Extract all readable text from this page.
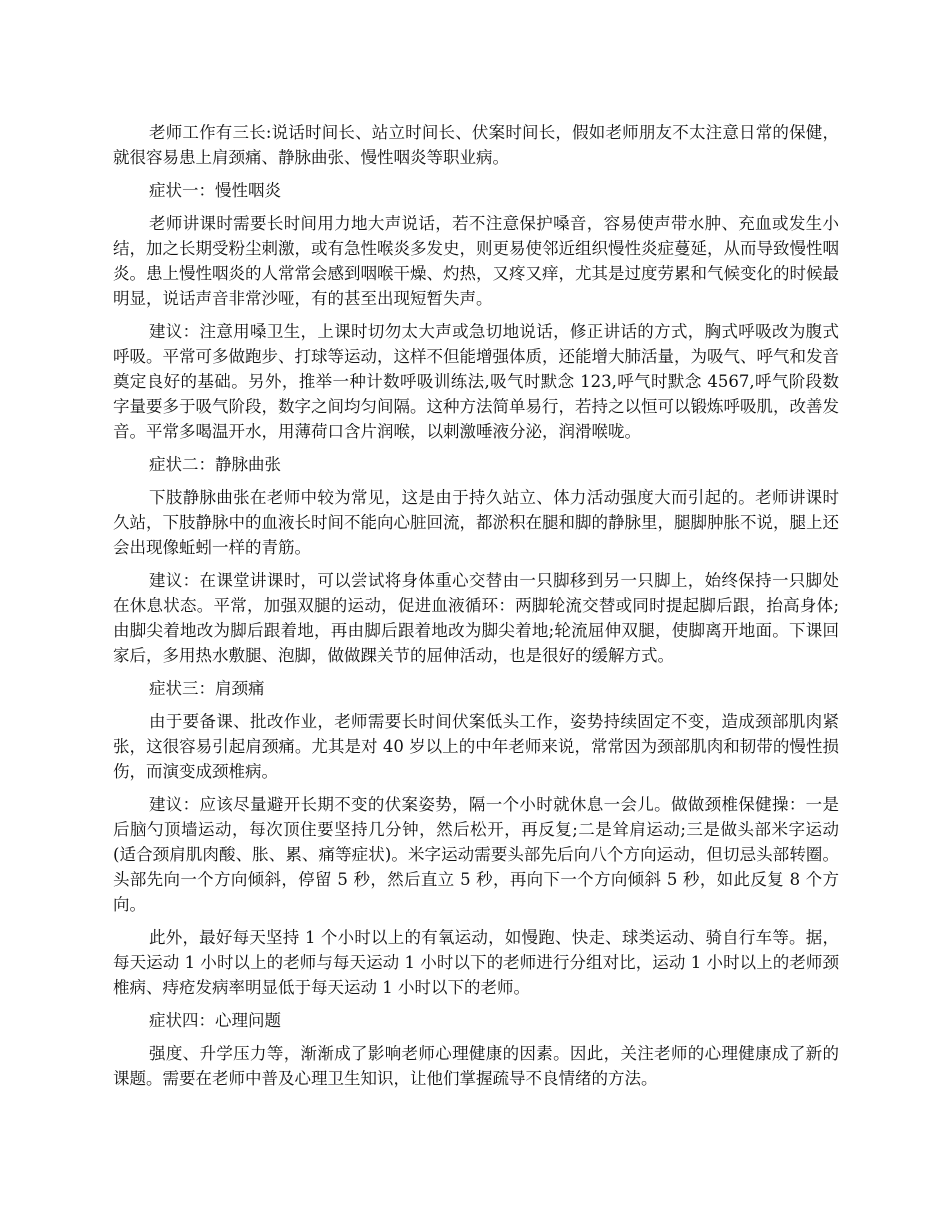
老师工作有三长:说话时间长、站立时间长、伏案时间长，假如老师朋友不太注意日常的保健，就很容易患上肩颈痛、静脉曲张、慢性咽炎等职业病。

症状一：慢性咽炎

老师讲课时需要长时间用力地大声说话，若不注意保护嗓音，容易使声带水肿、充血或发生小结，加之长期受粉尘刺激，或有急性喉炎多发史，则更易使邻近组织慢性炎症蔓延，从而导致慢性咽炎。患上慢性咽炎的人常常会感到咽喉干燥、灼热，又疼又痒，尤其是过度劳累和气候变化的时候最明显，说话声音非常沙哑，有的甚至出现短暂失声。

建议：注意用嗓卫生，上课时切勿太大声或急切地说话，修正讲话的方式，胸式呼吸改为腹式呼吸。平常可多做跑步、打球等运动，这样不但能增强体质，还能增大肺活量，为吸气、呼气和发音奠定良好的基础。另外，推举一种计数呼吸训练法,吸气时默念 123,呼气时默念 4567,呼气阶段数字量要多于吸气阶段，数字之间均匀间隔。这种方法简单易行，若持之以恒可以锻炼呼吸肌，改善发音。平常多喝温开水，用薄荷口含片润喉，以刺激唾液分泌，润滑喉咙。

症状二：静脉曲张

下肢静脉曲张在老师中较为常见，这是由于持久站立、体力活动强度大而引起的。老师讲课时久站，下肢静脉中的血液长时间不能向心脏回流，都淤积在腿和脚的静脉里，腿脚肿胀不说，腿上还会出现像蚯蚓一样的青筋。

建议：在课堂讲课时，可以尝试将身体重心交替由一只脚移到另一只脚上，始终保持一只脚处在休息状态。平常，加强双腿的运动，促进血液循环：两脚轮流交替或同时提起脚后跟，抬高身体;由脚尖着地改为脚后跟着地，再由脚后跟着地改为脚尖着地;轮流屈伸双腿，使脚离开地面。下课回家后，多用热水敷腿、泡脚，做做踝关节的屈伸活动，也是很好的缓解方式。

症状三：肩颈痛

由于要备课、批改作业，老师需要长时间伏案低头工作，姿势持续固定不变，造成颈部肌肉紧张，这很容易引起肩颈痛。尤其是对 40 岁以上的中年老师来说，常常因为颈部肌肉和韧带的慢性损伤，而演变成颈椎病。

建议：应该尽量避开长期不变的伏案姿势，隔一个小时就休息一会儿。做做颈椎保健操：一是后脑勺顶墙运动，每次顶住要坚持几分钟，然后松开，再反复;二是耸肩运动;三是做头部米字运动(适合颈肩肌肉酸、胀、累、痛等症状)。米字运动需要头部先后向八个方向运动，但切忌头部转圈。头部先向一个方向倾斜，停留 5 秒，然后直立 5 秒，再向下一个方向倾斜 5 秒，如此反复 8 个方向。

此外，最好每天坚持 1 个小时以上的有氧运动，如慢跑、快走、球类运动、骑自行车等。据，每天运动 1 小时以上的老师与每天运动 1 小时以下的老师进行分组对比，运动 1 小时以上的老师颈椎病、痔疮发病率明显低于每天运动 1 小时以下的老师。

症状四：心理问题

强度、升学压力等，渐渐成了影响老师心理健康的因素。因此，关注老师的心理健康成了新的课题。需要在老师中普及心理卫生知识，让他们掌握疏导不良情绪的方法。
